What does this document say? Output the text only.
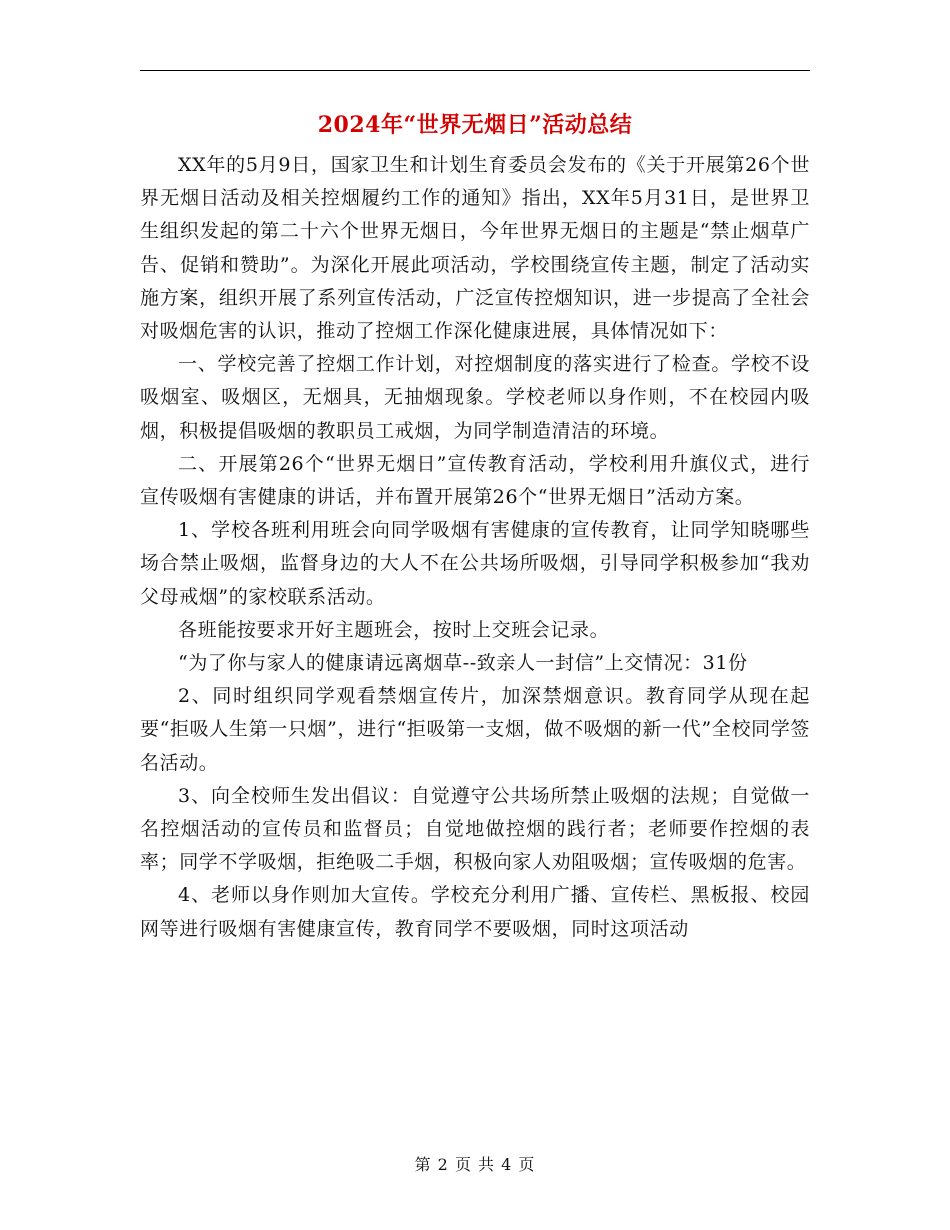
2024年“世界无烟日”活动总结

XX年的5月9日，国家卫生和计划生育委员会发布的《关于开展第26个世界无烟日活动及相关控烟履约工作的通知》指出，XX年5月31日，是世界卫生组织发起的第二十六个世界无烟日，今年世界无烟日的主题是“禁止烟草广告、促销和赞助”。为深化开展此项活动，学校围绕宣传主题，制定了活动实施方案，组织开展了系列宣传活动，广泛宣传控烟知识，进一步提高了全社会对吸烟危害的认识，推动了控烟工作深化健康进展，具体情况如下：

一、学校完善了控烟工作计划，对控烟制度的落实进行了检查。学校不设吸烟室、吸烟区，无烟具，无抽烟现象。学校老师以身作则，不在校园内吸烟，积极提倡吸烟的教职员工戒烟，为同学制造清洁的环境。

二、开展第26个“世界无烟日”宣传教育活动，学校利用升旗仪式，进行宣传吸烟有害健康的讲话，并布置开展第26个“世界无烟日”活动方案。

1、学校各班利用班会向同学吸烟有害健康的宣传教育，让同学知晓哪些场合禁止吸烟，监督身边的大人不在公共场所吸烟，引导同学积极参加“我劝父母戒烟”的家校联系活动。

各班能按要求开好主题班会，按时上交班会记录。

“为了你与家人的健康请远离烟草--致亲人一封信”上交情况：31份

2、同时组织同学观看禁烟宣传片，加深禁烟意识。教育同学从现在起要“拒吸人生第一只烟”，进行“拒吸第一支烟，做不吸烟的新一代”全校同学签名活动。

3、向全校师生发出倡议：自觉遵守公共场所禁止吸烟的法规；自觉做一名控烟活动的宣传员和监督员；自觉地做控烟的践行者；老师要作控烟的表率；同学不学吸烟，拒绝吸二手烟，积极向家人劝阻吸烟；宣传吸烟的危害。

4、老师以身作则加大宣传。学校充分利用广播、宣传栏、黑板报、校园网等进行吸烟有害健康宣传，教育同学不要吸烟，同时这项活动

第 2 页 共 4 页
